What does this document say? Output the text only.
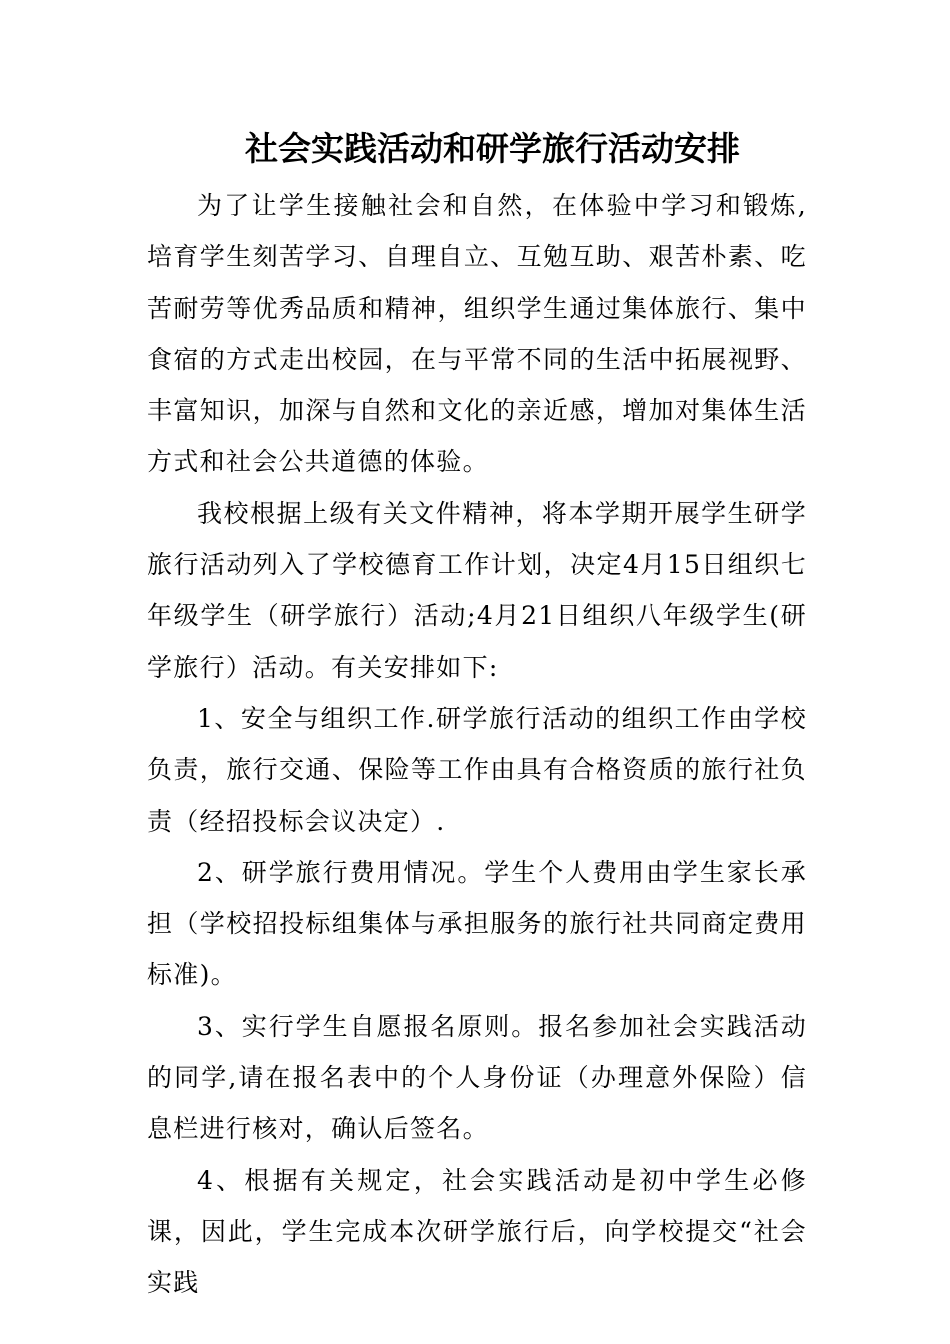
社会实践活动和研学旅行活动安排

为了让学生接触社会和自然，在体验中学习和锻炼,培育学生刻苦学习、自理自立、互勉互助、艰苦朴素、吃苦耐劳等优秀品质和精神，组织学生通过集体旅行、集中食宿的方式走出校园，在与平常不同的生活中拓展视野、丰富知识，加深与自然和文化的亲近感，增加对集体生活方式和社会公共道德的体验。

我校根据上级有关文件精神，将本学期开展学生研学旅行活动列入了学校德育工作计划，决定4月15日组织七年级学生（研学旅行）活动;4月21日组织八年级学生(研学旅行）活动。有关安排如下:

1、安全与组织工作.研学旅行活动的组织工作由学校负责，旅行交通、保险等工作由具有合格资质的旅行社负责（经招投标会议决定）.

2、研学旅行费用情况。学生个人费用由学生家长承担（学校招投标组集体与承担服务的旅行社共同商定费用标准)。

3、实行学生自愿报名原则。报名参加社会实践活动的同学,请在报名表中的个人身份证（办理意外保险）信息栏进行核对，确认后签名。

4、根据有关规定，社会实践活动是初中学生必修课，因此，学生完成本次研学旅行后，向学校提交“社会实践
